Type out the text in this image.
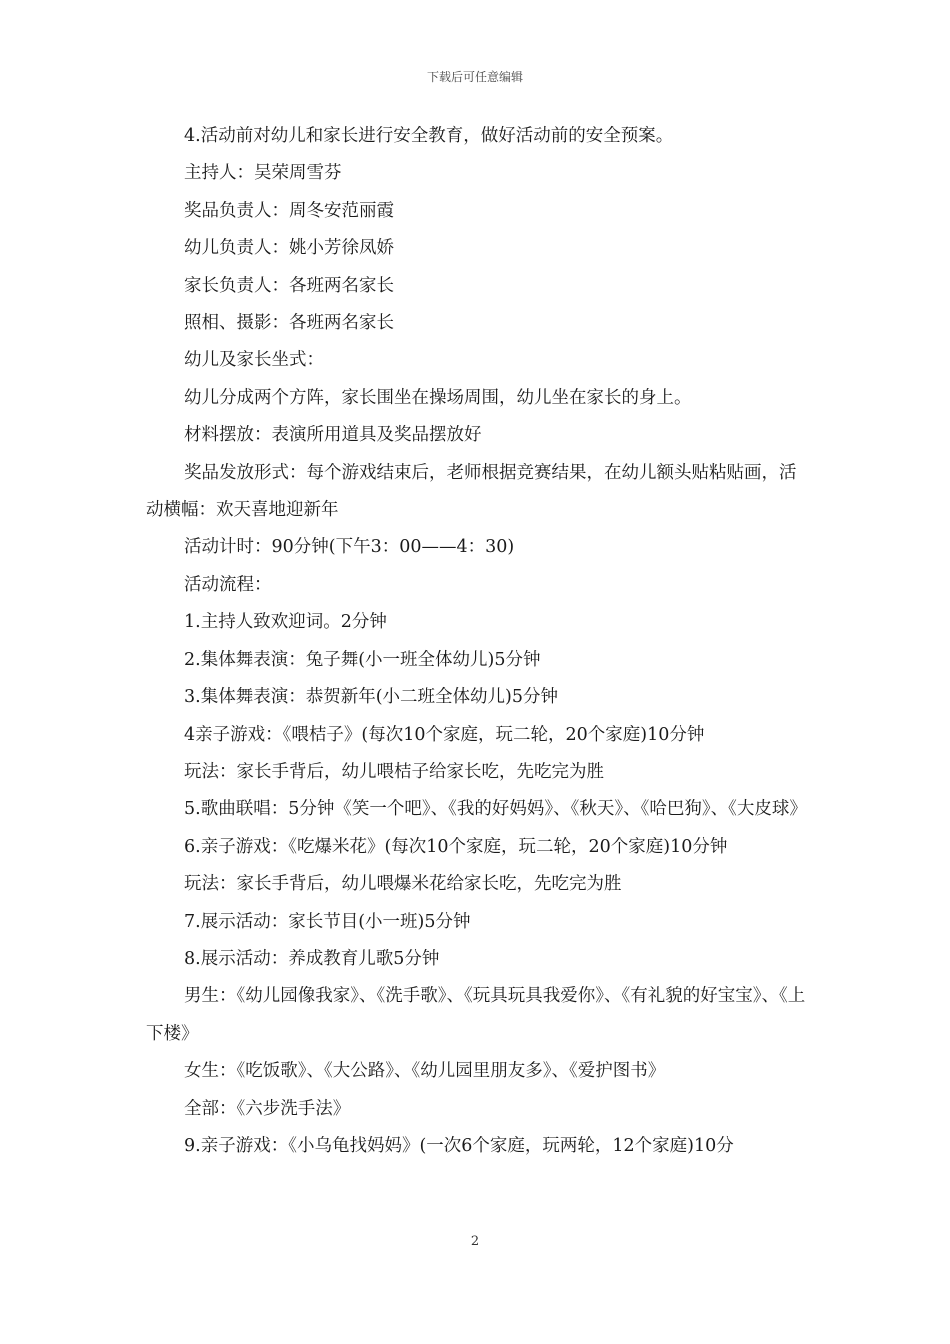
下载后可任意编辑

4.活动前对幼儿和家长进行安全教育，做好活动前的安全预案。

主持人：吴荣周雪芬

奖品负责人：周冬安范丽霞

幼儿负责人：姚小芳徐凤娇

家长负责人：各班两名家长

照相、摄影：各班两名家长

幼儿及家长坐式：

幼儿分成两个方阵，家长围坐在操场周围，幼儿坐在家长的身上。

材料摆放：表演所用道具及奖品摆放好

奖品发放形式：每个游戏结束后，老师根据竞赛结果，在幼儿额头贴粘贴画，活动横幅：欢天喜地迎新年

活动计时：90分钟(下午3：00——4：30)

活动流程：

1.主持人致欢迎词。2分钟

2.集体舞表演：兔子舞(小一班全体幼儿)5分钟

3.集体舞表演：恭贺新年(小二班全体幼儿)5分钟

4亲子游戏：《喂桔子》(每次10个家庭，玩二轮，20个家庭)10分钟

玩法：家长手背后，幼儿喂桔子给家长吃，先吃完为胜

5.歌曲联唱：5分钟《笑一个吧》、《我的好妈妈》、《秋天》、《哈巴狗》、《大皮球》

6.亲子游戏：《吃爆米花》(每次10个家庭，玩二轮，20个家庭)10分钟

玩法：家长手背后，幼儿喂爆米花给家长吃，先吃完为胜

7.展示活动：家长节目(小一班)5分钟

8.展示活动：养成教育儿歌5分钟

男生：《幼儿园像我家》、《洗手歌》、《玩具玩具我爱你》、《有礼貌的好宝宝》、《上下楼》

女生：《吃饭歌》、《大公路》、《幼儿园里朋友多》、《爱护图书》

全部：《六步洗手法》

9.亲子游戏：《小乌龟找妈妈》(一次6个家庭，玩两轮，12个家庭)10分

2
